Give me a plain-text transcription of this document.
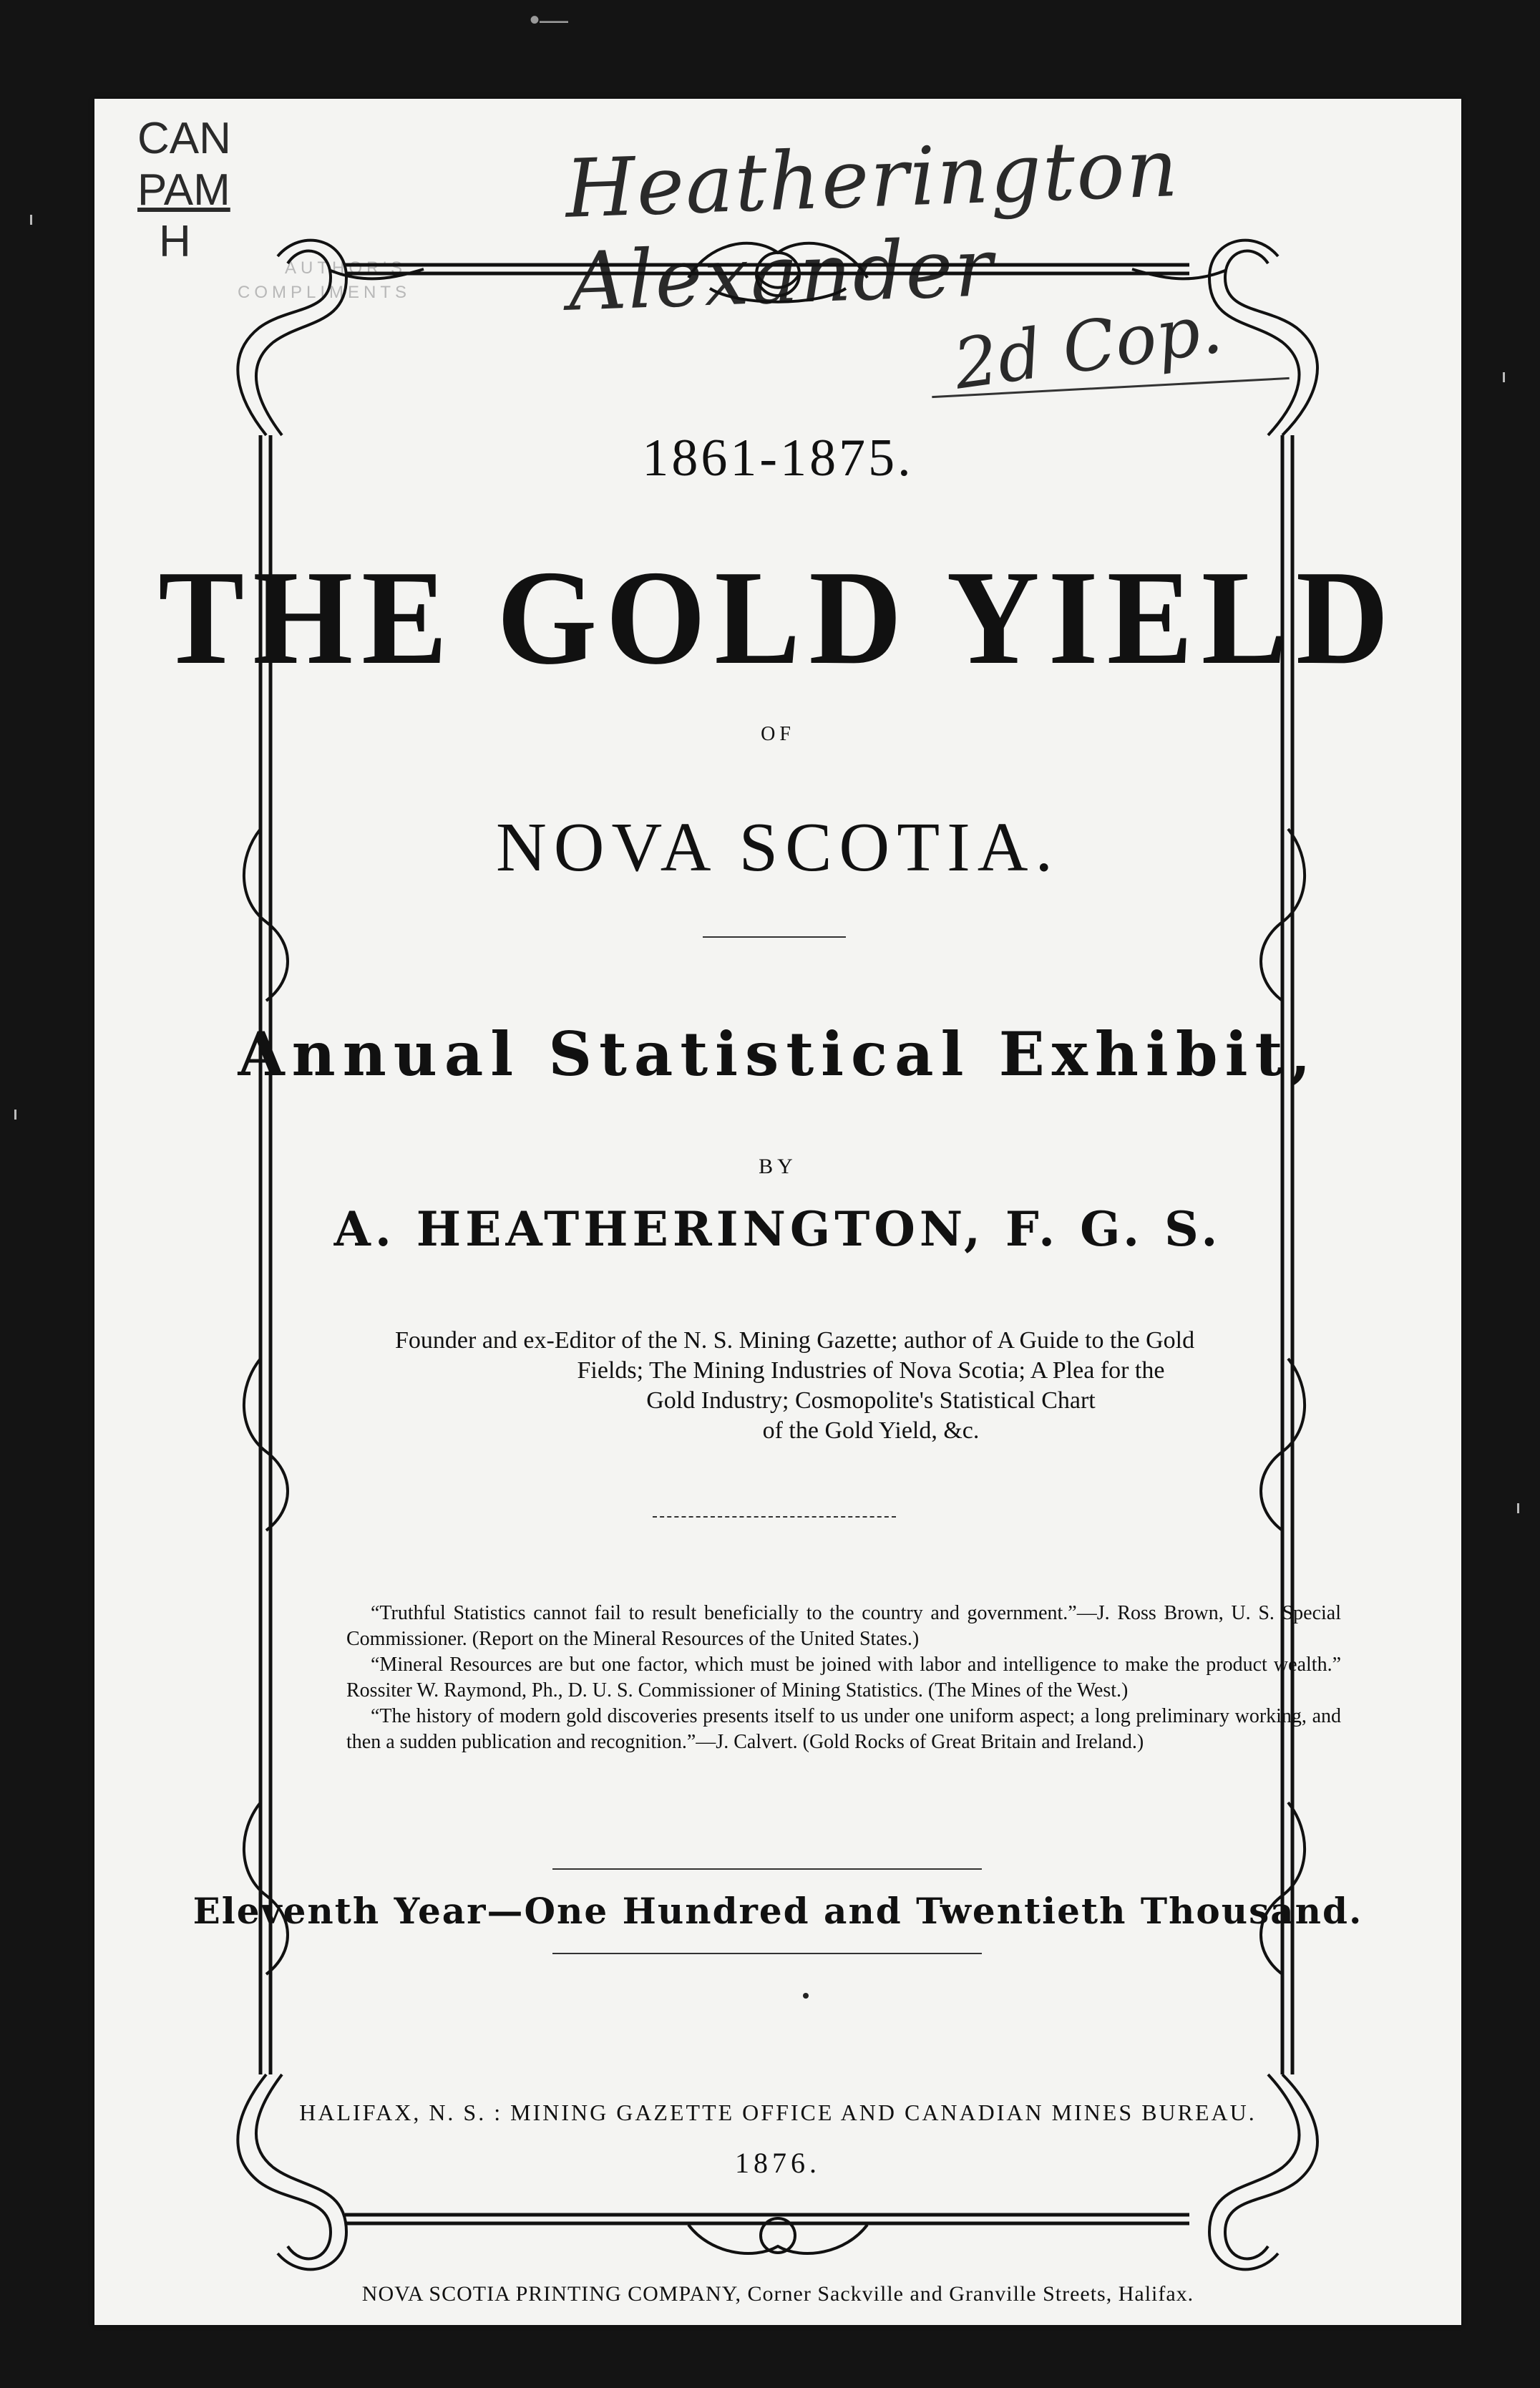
•—
CAN
PAM
H
AUTHOR'S
COMPLIMENTS
Heatherington Alexander
2d Cop.
1861-1875.
THE GOLD YIELD
OF
NOVA SCOTIA.
Annual Statistical Exhibit,
BY
A. HEATHERINGTON, F. G. S.
Founder and ex-Editor of the N. S. Mining Gazette; author of A Guide to the Gold
Fields; The Mining Industries of Nova Scotia; A Plea for the
Gold Industry; Cosmopolite's Statistical Chart
of the Gold Yield, &c.

“Truthful Statistics cannot fail to result beneficially to the country and government.”—J. Ross Brown, U. S. Special Commissioner. (Report on the Mineral Resources of the United States.)

“Mineral Resources are but one factor, which must be joined with labor and intelligence to make the product wealth.” Rossiter W. Raymond, Ph., D. U. S. Commissioner of Mining Statistics. (The Mines of the West.)

“The history of modern gold discoveries presents itself to us under one uniform aspect; a long preliminary working, and then a sudden publication and recognition.”—J. Calvert. (Gold Rocks of Great Britain and Ireland.)

Eleventh Year—One Hundred and Twentieth Thousand.
HALIFAX, N. S. : MINING GAZETTE OFFICE AND CANADIAN MINES BUREAU.
1876.
NOVA SCOTIA PRINTING COMPANY, Corner Sackville and Granville Streets, Halifax.
